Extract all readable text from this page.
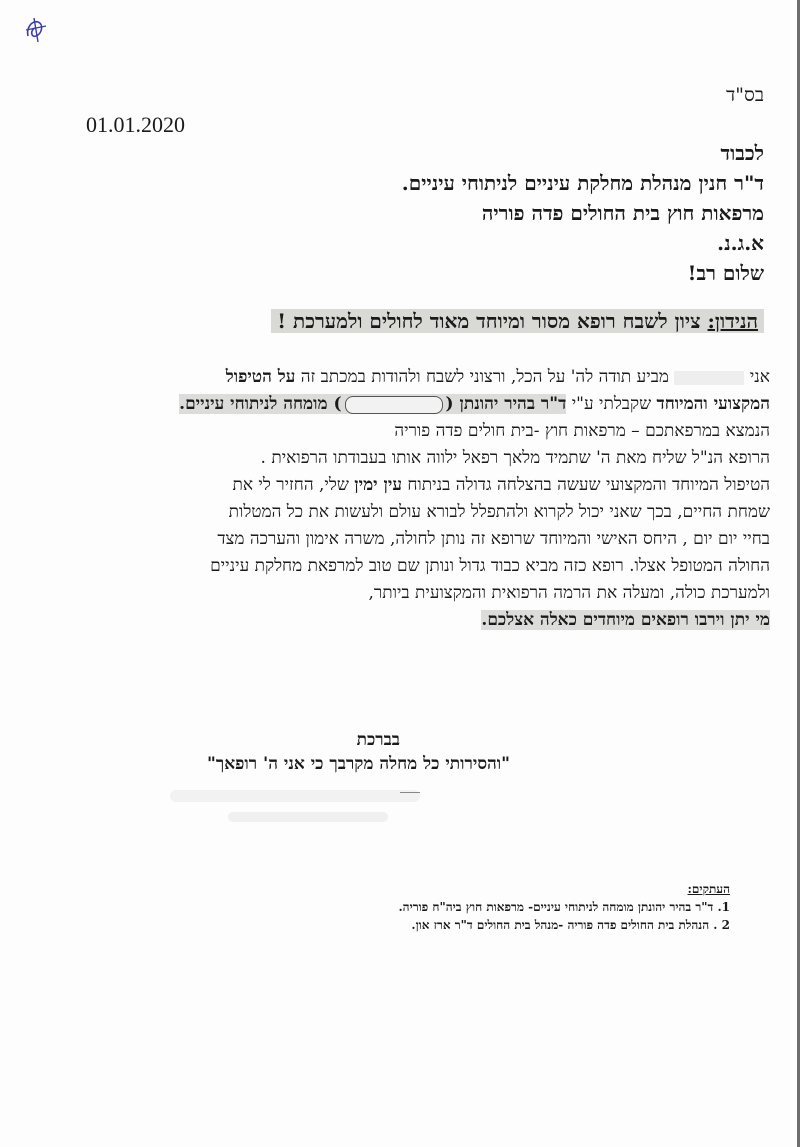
בס"ד
01.01.2020
לכבוד
ד"ר חנין מנהלת מחלקת עיניים לניתוחי עיניים.
מרפאות חוץ בית החולים פדה פוריה
א.ג.נ.
שלום רב!
הנידון: ציון לשבח רופא מסור ומיוחד מאוד לחולים ולמערכת !
אני  מביע תודה לה' על הכל, ורצוני לשבח ולהודות במכתב זה על הטיפול
המקצועי והמיוחד שקבלתי ע"י ד"ר בהיר יהונתן () מומחה לניתוחי עיניים.
הנמצא במרפאתכם – מרפאות חוץ -בית חולים פדה פוריה
הרופא הנ"ל שליח מאת ה' שתמיד מלאך רפאל ילווה אותו בעבודתו הרפואית .
הטיפול המיוחד והמקצועי שעשה בהצלחה גדולה בניתוח עין ימין שלי, החזיר לי את
שמחת החיים, בכך שאני יכול לקרוא ולהתפלל לבורא עולם ולעשות את כל המטלות
בחיי יום יום , היחס האישי והמיוחד שרופא זה נותן לחולה, משרה אימון והערכה מצד
החולה המטופל אצלו. רופא כזה מביא כבוד גדול ונותן שם טוב למרפאת מחלקת עיניים
ולמערכת כולה, ומעלה את הרמה הרפואית והמקצועית ביותר,
מי יתן וירבו רופאים מיוחדים כאלה אצלכם.
בברכת
"והסירותי כל מחלה מקרבך כי אני ה' רופאך"
העתקים:
1. ד"ר בהיר יהונתן מומחה לניתוחי עיניים- מרפאות חוץ ביה"ח פוריה.
2 . הנהלת בית החולים פדה פוריה -מנהל בית החולים ד"ר ארז און.
